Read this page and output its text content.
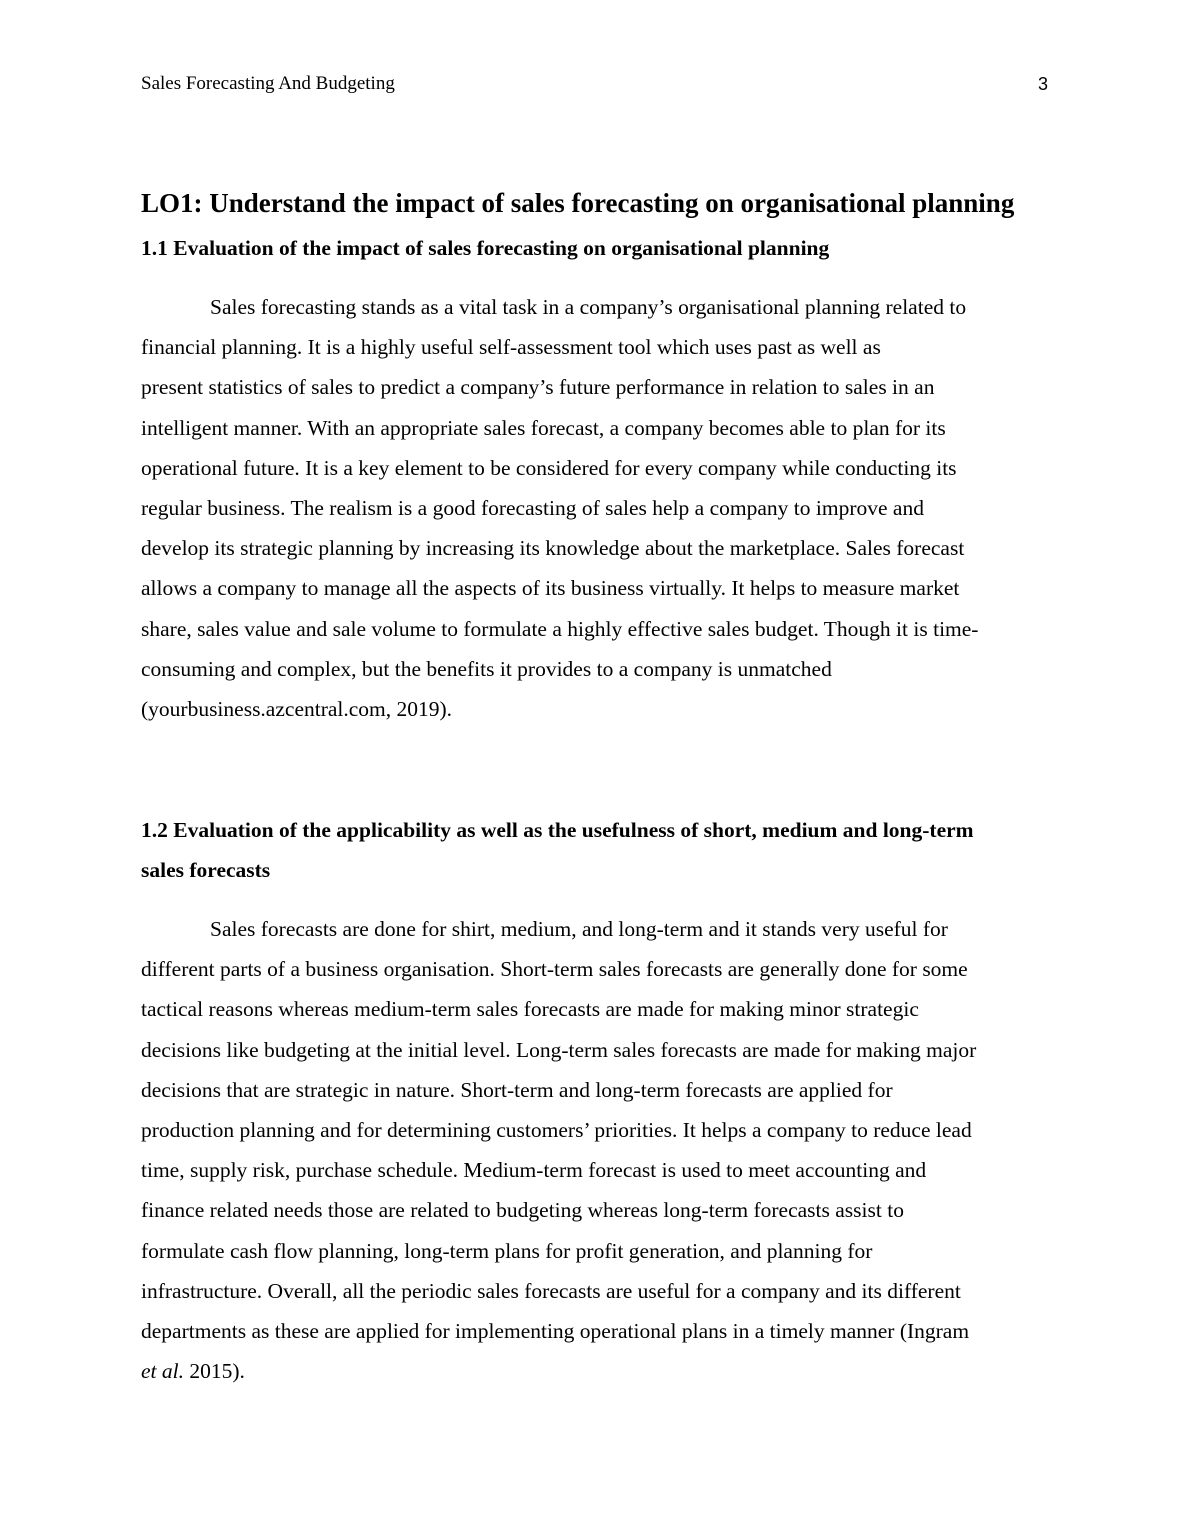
Sales Forecasting And Budgeting	3
LO1: Understand the impact of sales forecasting on organisational planning
1.1 Evaluation of the impact of sales forecasting on organisational planning

Sales forecasting stands as a vital task in a company’s organisational planning related to
financial planning. It is a highly useful self-assessment tool which uses past as well as
present statistics of sales to predict a company’s future performance in relation to sales in an
intelligent manner. With an appropriate sales forecast, a company becomes able to plan for its
operational future. It is a key element to be considered for every company while conducting its
regular business. The realism is a good forecasting of sales help a company to improve and
develop its strategic planning by increasing its knowledge about the marketplace. Sales forecast
allows a company to manage all the aspects of its business virtually. It helps to measure market
share, sales value and sale volume to formulate a highly effective sales budget. Though it is time-
consuming and complex, but the benefits it provides to a company is unmatched
(yourbusiness.azcentral.com, 2019).

1.2 Evaluation of the applicability as well as the usefulness of short, medium and long-term
sales forecasts

Sales forecasts are done for shirt, medium, and long-term and it stands very useful for
different parts of a business organisation. Short-term sales forecasts are generally done for some
tactical reasons whereas medium-term sales forecasts are made for making minor strategic
decisions like budgeting at the initial level. Long-term sales forecasts are made for making major
decisions that are strategic in nature. Short-term and long-term forecasts are applied for
production planning and for determining customers’ priorities. It helps a company to reduce lead
time, supply risk, purchase schedule. Medium-term forecast is used to meet accounting and
finance related needs those are related to budgeting whereas long-term forecasts assist to
formulate cash flow planning, long-term plans for profit generation, and planning for
infrastructure. Overall, all the periodic sales forecasts are useful for a company and its different
departments as these are applied for implementing operational plans in a timely manner (Ingram
et al. 2015).
